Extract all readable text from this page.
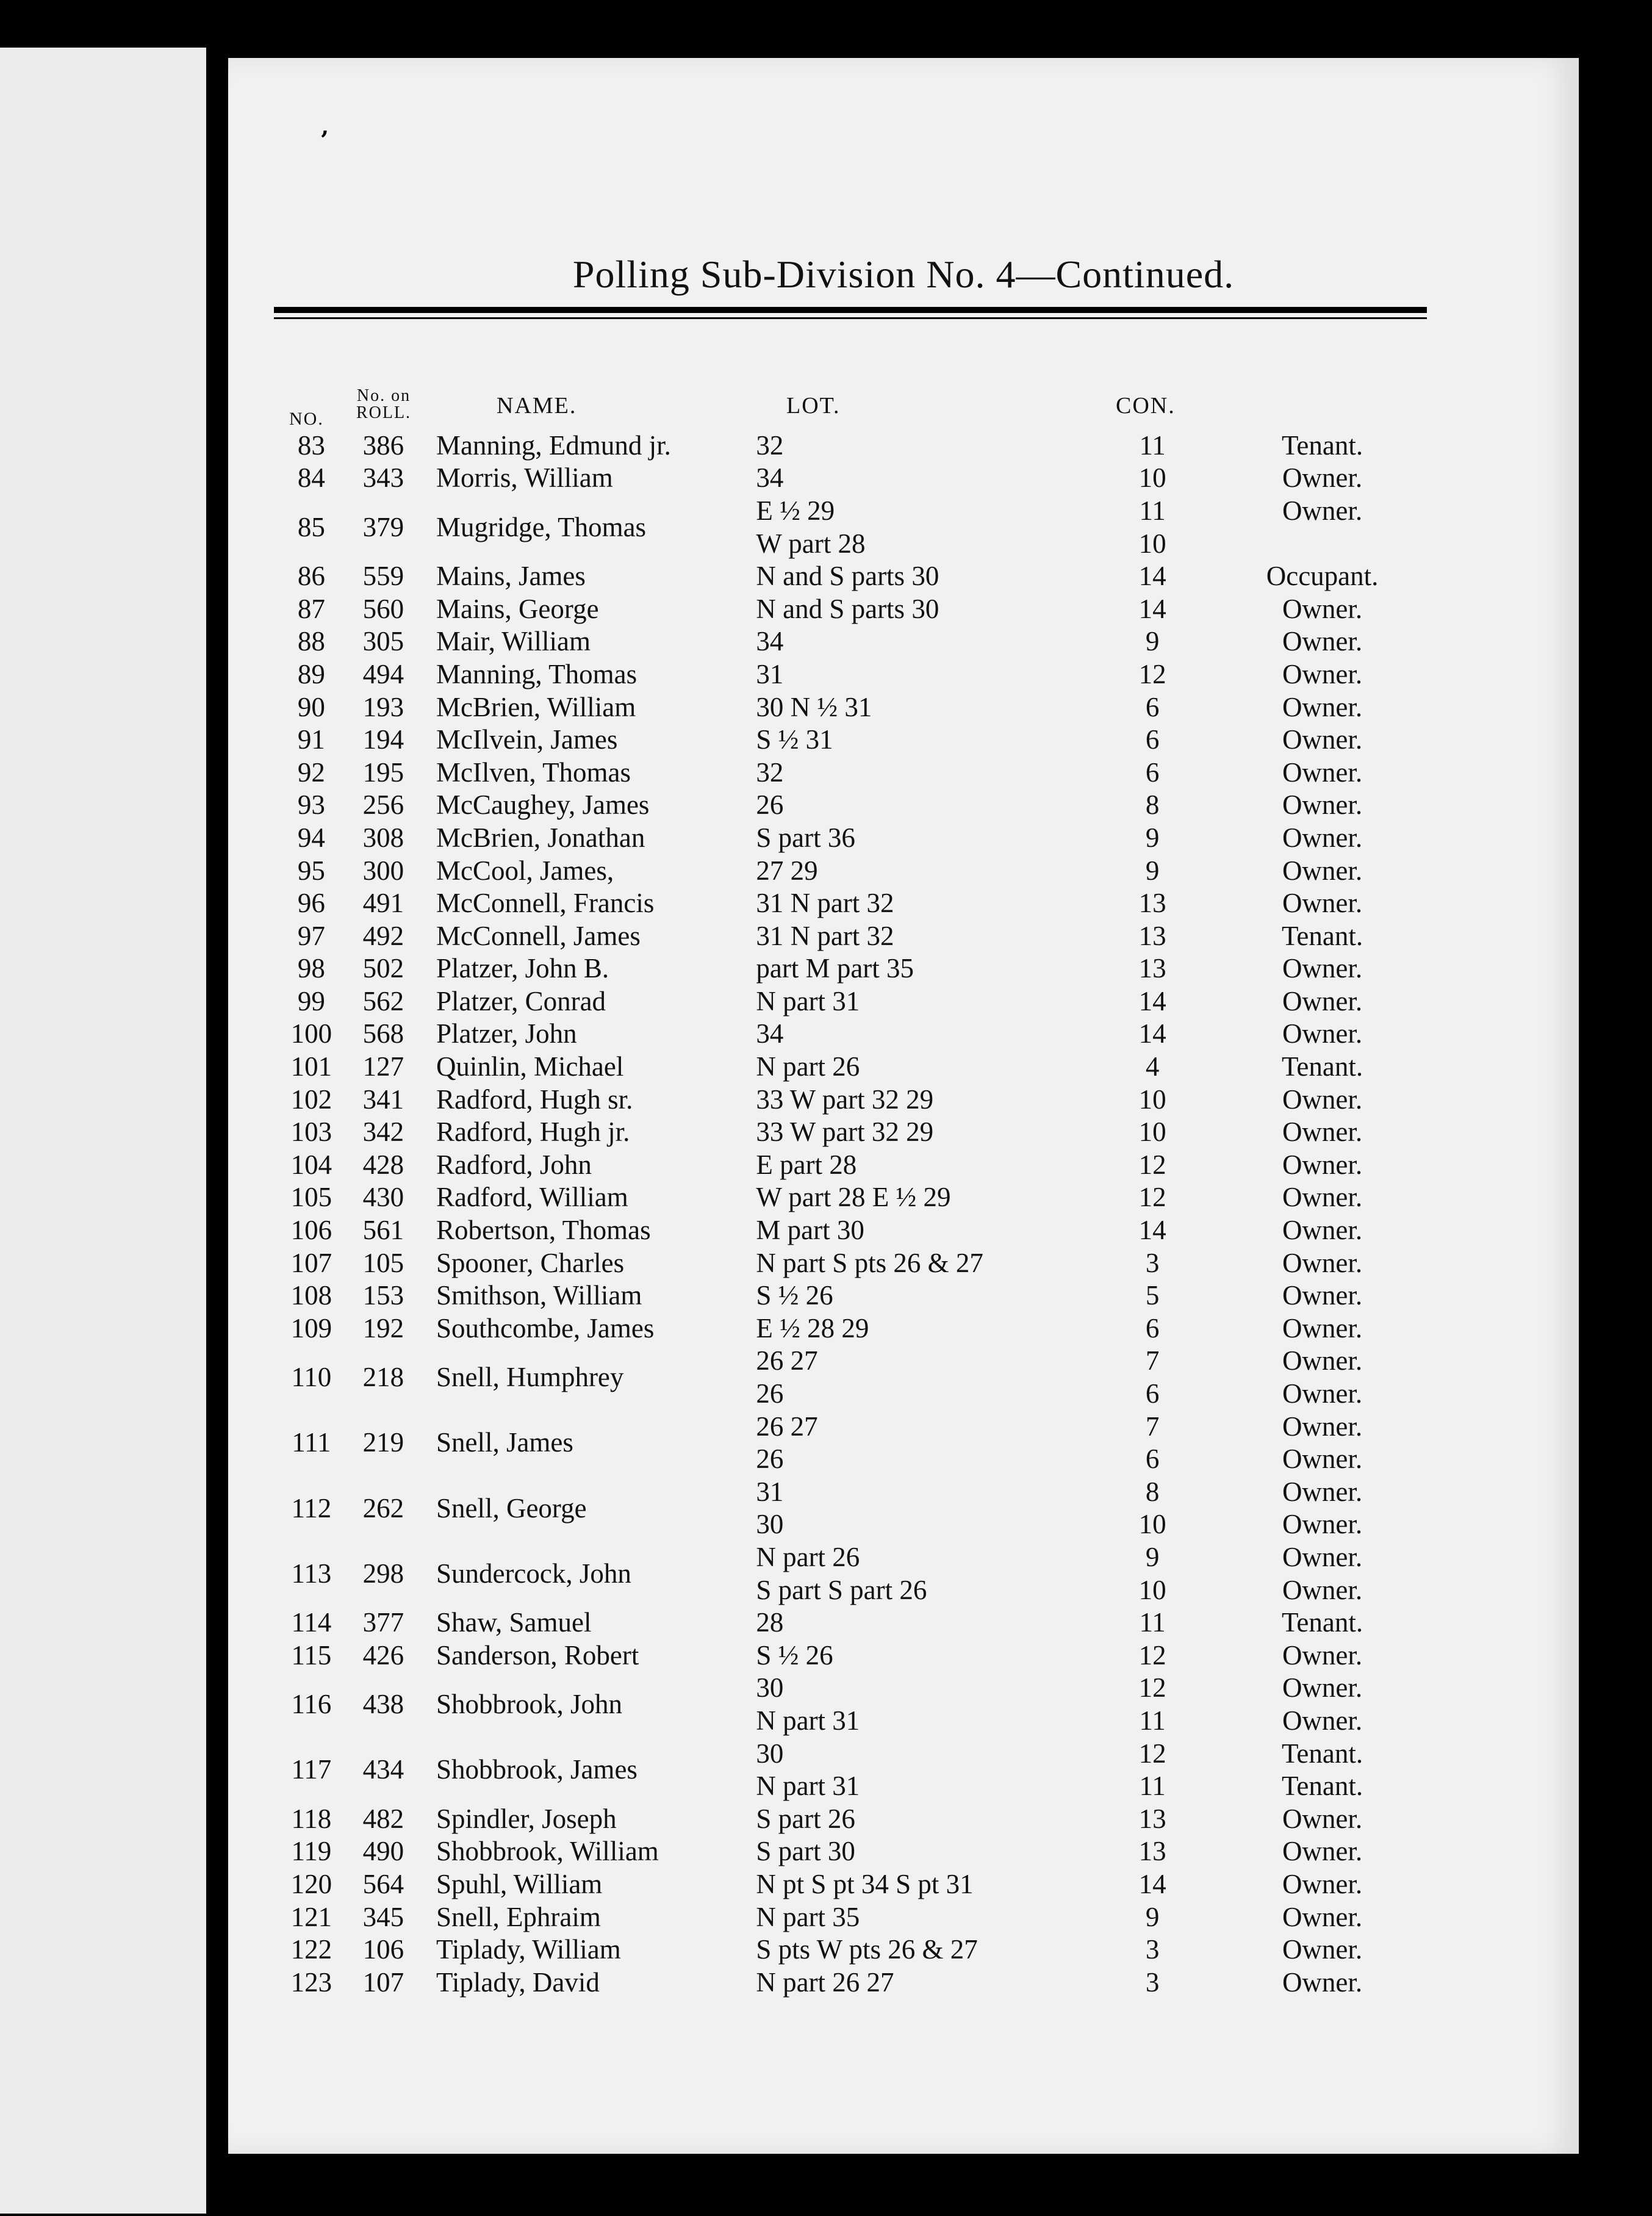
ʼ
Polling Sub-Division No. 4—Continued.
NO.
No. on ROLL.	NAME.	LOT.	CON.
83	386	Manning, Edmund jr.	32	11	Tenant.
84	343	Morris, William	34	10	Owner.
85	379	Mugridge, Thomas	E ½ 29	11	Owner.
			W part 28	10	
86	559	Mains, James	N and S parts 30	14	Occupant.
87	560	Mains, George	N and S parts 30	14	Owner.
88	305	Mair, William	34	9	Owner.
89	494	Manning, Thomas	31	12	Owner.
90	193	McBrien, William	30 N ½ 31	6	Owner.
91	194	McIlvein, James	S ½ 31	6	Owner.
92	195	McIlven, Thomas	32	6	Owner.
93	256	McCaughey, James	26	8	Owner.
94	308	McBrien, Jonathan	S part 36	9	Owner.
95	300	McCool, James,	27 29	9	Owner.
96	491	McConnell, Francis	31 N part 32	13	Owner.
97	492	McConnell, James	31 N part 32	13	Tenant.
98	502	Platzer, John B.	part M part 35	13	Owner.
99	562	Platzer, Conrad	N part 31	14	Owner.
100	568	Platzer, John	34	14	Owner.
101	127	Quinlin, Michael	N part 26	4	Tenant.
102	341	Radford, Hugh sr.	33 W part 32 29	10	Owner.
103	342	Radford, Hugh jr.	33 W part 32 29	10	Owner.
104	428	Radford, John	E part 28	12	Owner.
105	430	Radford, William	W part 28 E ½ 29	12	Owner.
106	561	Robertson, Thomas	M part 30	14	Owner.
107	105	Spooner, Charles	N part S pts 26 & 27	3	Owner.
108	153	Smithson, William	S ½ 26	5	Owner.
109	192	Southcombe, James	E ½ 28 29	6	Owner.
110	218	Snell, Humphrey	26 27	7	Owner.
			26	6	Owner.
111	219	Snell, James	26 27	7	Owner.
			26	6	Owner.
112	262	Snell, George	31	8	Owner.
			30	10	Owner.
113	298	Sundercock, John	N part 26	9	Owner.
			S part S part 26	10	Owner.
114	377	Shaw, Samuel	28	11	Tenant.
115	426	Sanderson, Robert	S ½ 26	12	Owner.
116	438	Shobbrook, John	30	12	Owner.
			N part 31	11	Owner.
117	434	Shobbrook, James	30	12	Tenant.
			N part 31	11	Tenant.
118	482	Spindler, Joseph	S part 26	13	Owner.
119	490	Shobbrook, William	S part 30	13	Owner.
120	564	Spuhl, William	N pt S pt 34 S pt 31	14	Owner.
121	345	Snell, Ephraim	N part 35	9	Owner.
122	106	Tiplady, William	S pts W pts 26 & 27	3	Owner.
123	107	Tiplady, David	N part 26 27	3	Owner.
